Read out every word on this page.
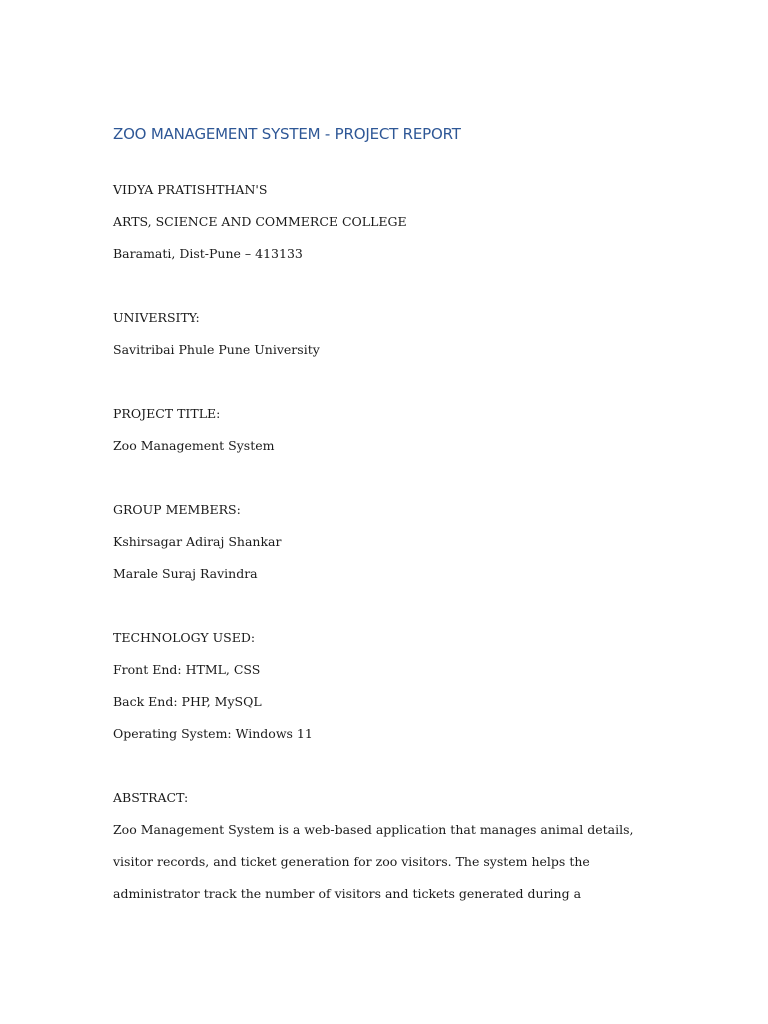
ZOO MANAGEMENT SYSTEM - PROJECT REPORT

VIDYA PRATISHTHAN'S

ARTS, SCIENCE AND COMMERCE COLLEGE

Baramati, Dist-Pune – 413133

UNIVERSITY:

Savitribai Phule Pune University

PROJECT TITLE:

Zoo Management System

GROUP MEMBERS:

Kshirsagar Adiraj Shankar

Marale Suraj Ravindra

TECHNOLOGY USED:

Front End: HTML, CSS

Back End: PHP, MySQL

Operating System: Windows 11

ABSTRACT:

Zoo Management System is a web-based application that manages animal details,

visitor records, and ticket generation for zoo visitors. The system helps the

administrator track the number of visitors and tickets generated during a
